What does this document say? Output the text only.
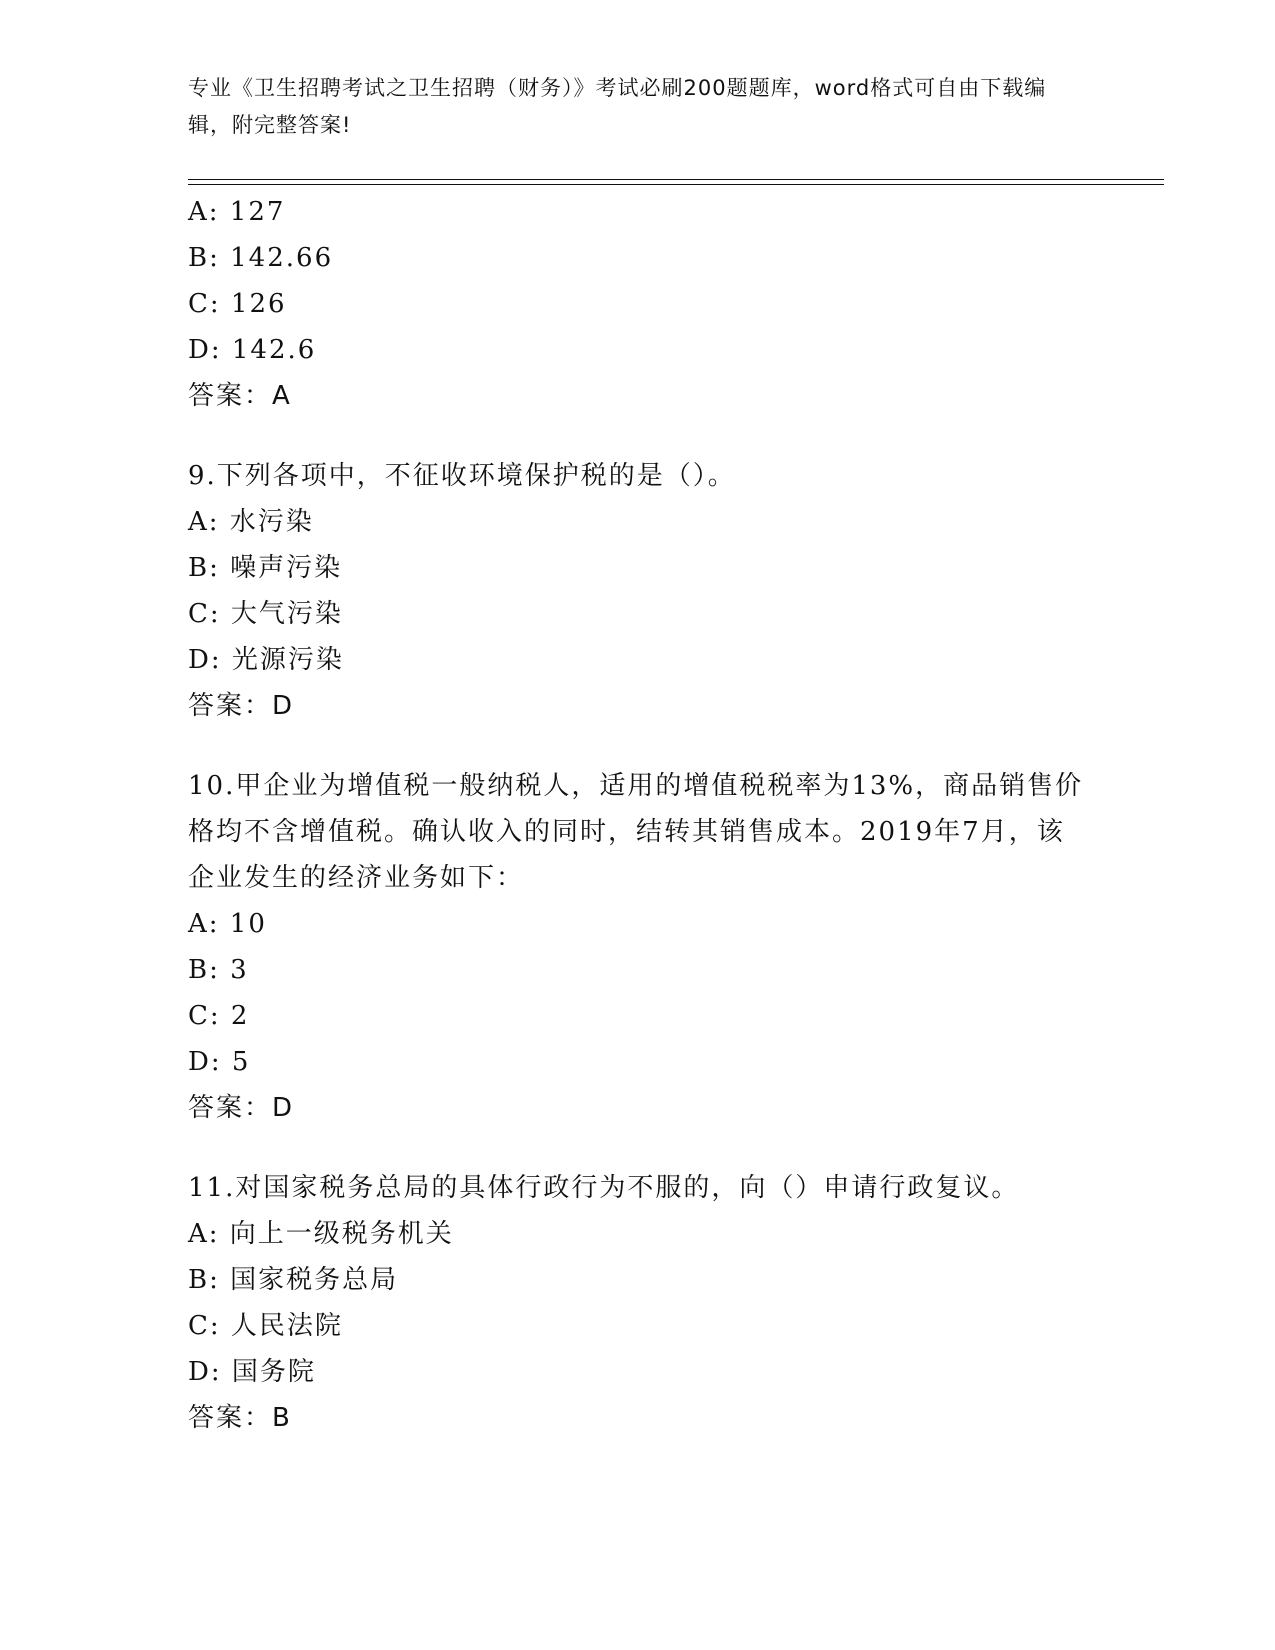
专业《卫生招聘考试之卫生招聘（财务）》考试必刷200题题库，word格式可自由下载编辑，附完整答案!
A: 127
B: 142.66
C: 126
D: 142.6
答案：A
9.下列各项中，不征收环境保护税的是（）。
A: 水污染
B: 噪声污染
C: 大气污染
D: 光源污染
答案：D
10.甲企业为增值税一般纳税人，适用的增值税税率为13%，商品销售价格均不含增值税。确认收入的同时，结转其销售成本。2019年7月，该企业发生的经济业务如下：
A: 10
B: 3
C: 2
D: 5
答案：D
11.对国家税务总局的具体行政行为不服的，向（）申请行政复议。
A: 向上一级税务机关
B: 国家税务总局
C: 人民法院
D: 国务院
答案：B
